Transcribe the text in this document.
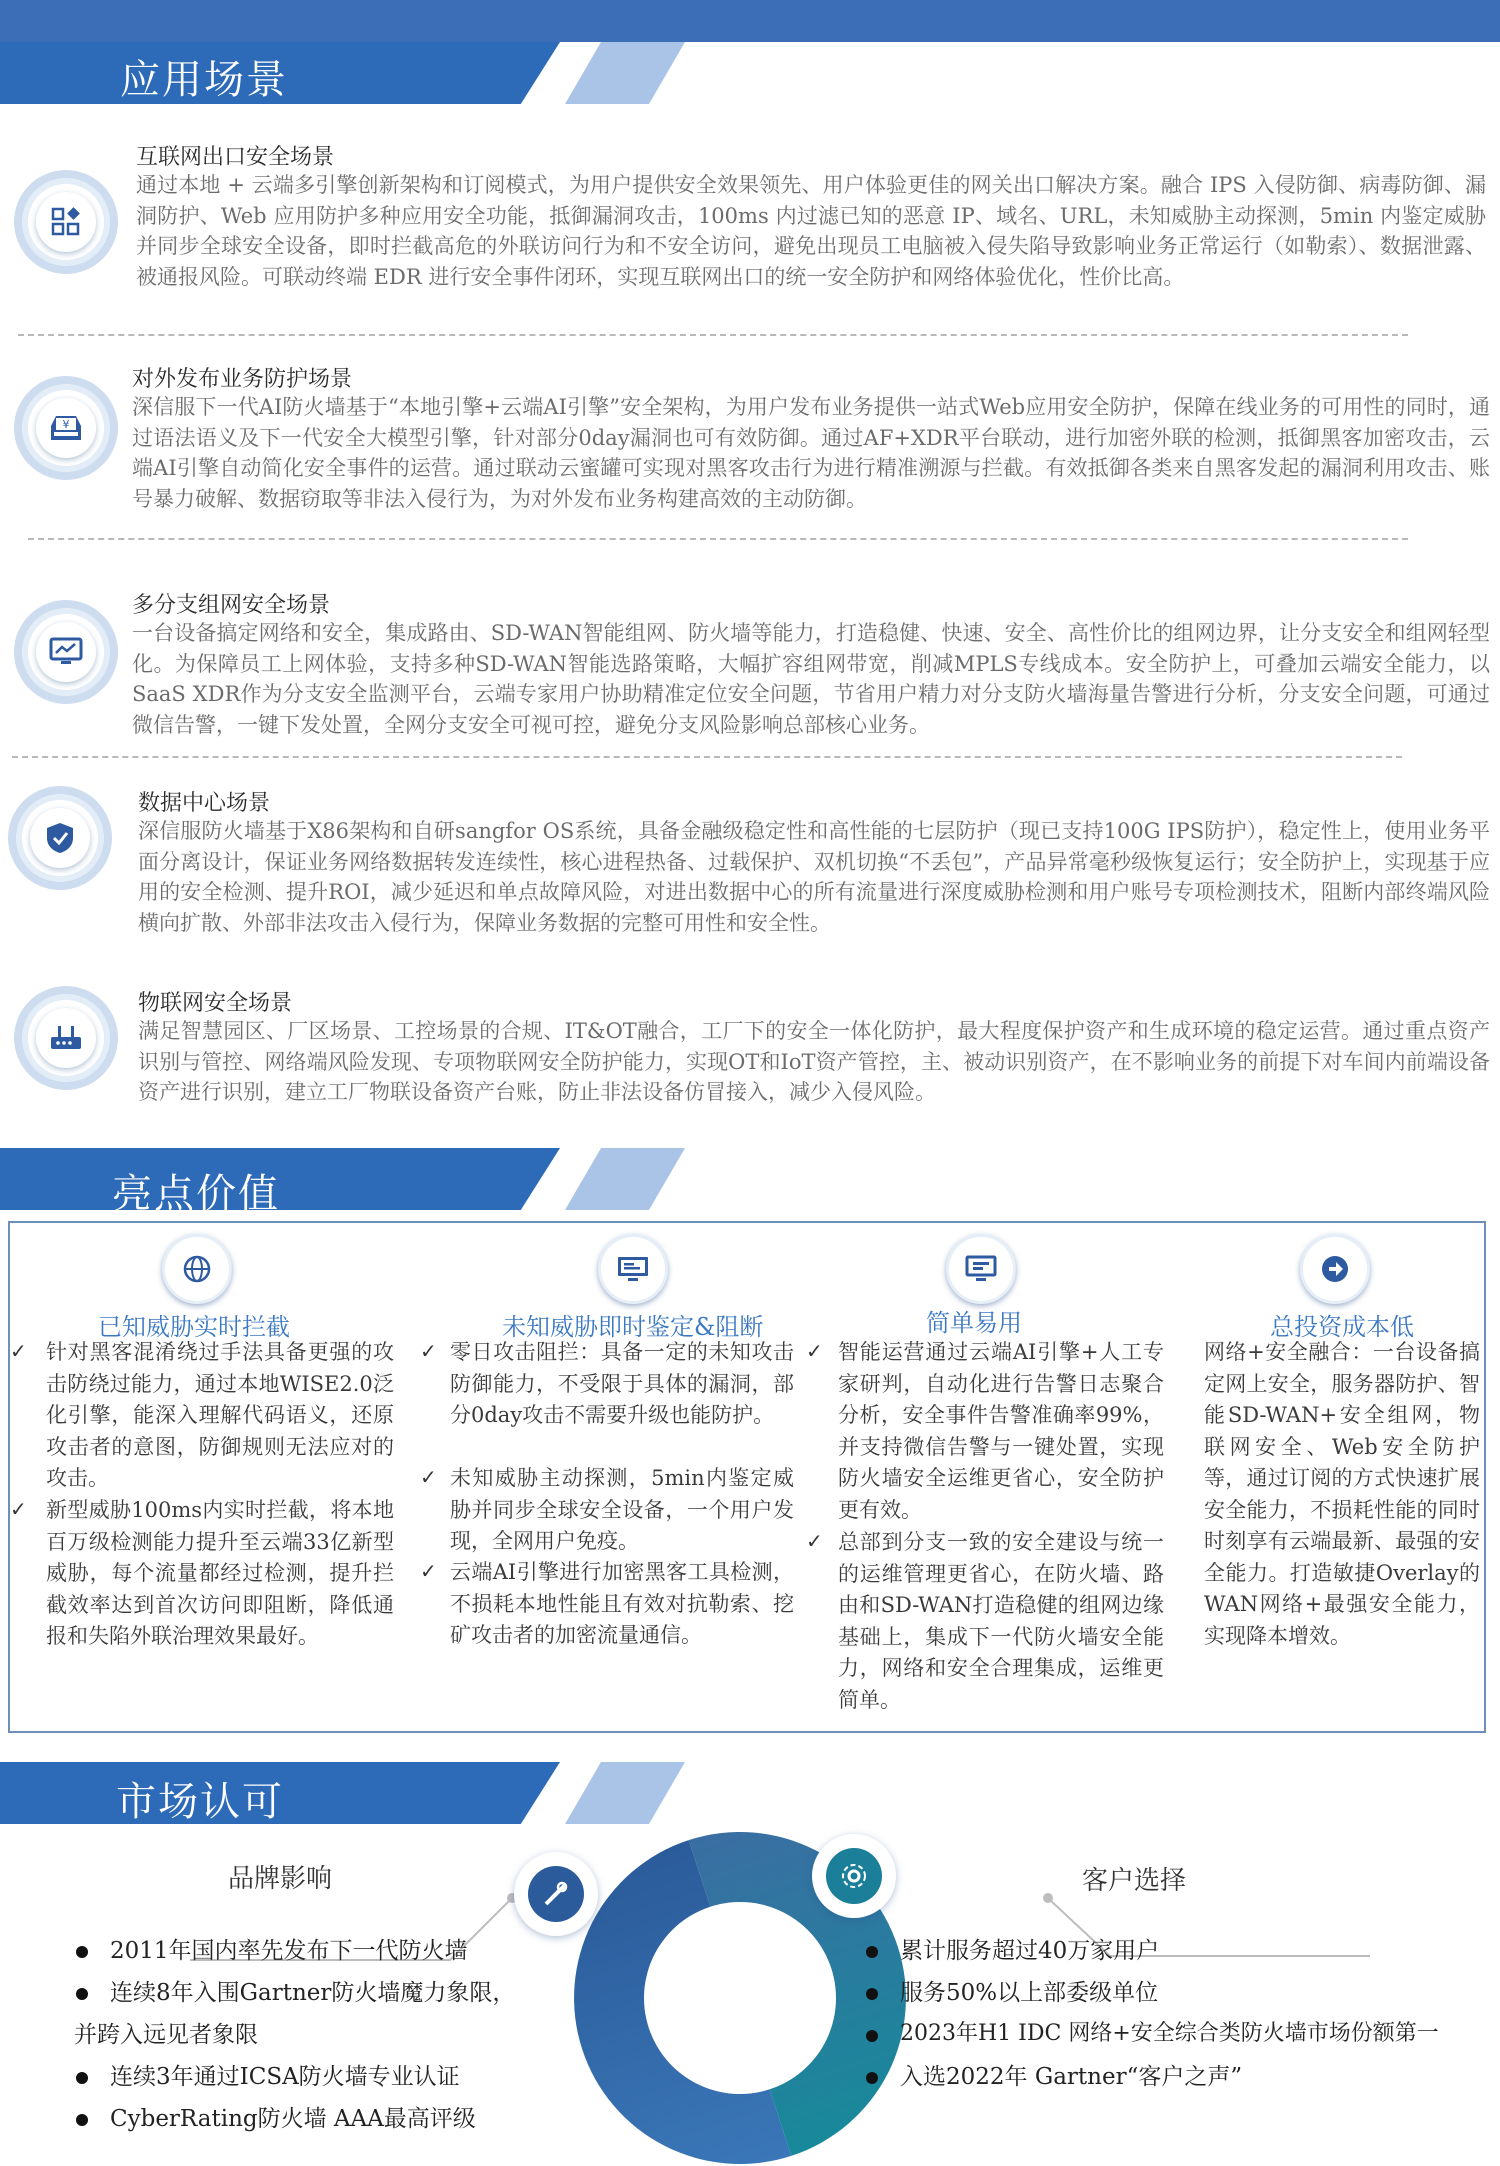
应用场景
互联网出口安全场景
通过本地 + 云端多引擎创新架构和订阅模式，为用户提供安全效果领先、用户体验更佳的网关出口解决方案。融合 IPS 入侵防御、病毒防御、漏洞防护、Web 应用防护多种应用安全功能，抵御漏洞攻击，100ms 内过滤已知的恶意 IP、域名、URL，未知威胁主动探测，5min 内鉴定威胁并同步全球安全设备，即时拦截高危的外联访问行为和不安全访问，避免出现员工电脑被入侵失陷导致影响业务正常运行（如勒索）、数据泄露、被通报风险。可联动终端 EDR 进行安全事件闭环，实现互联网出口的统一安全防护和网络体验优化，性价比高。
¥
对外发布业务防护场景
深信服下一代AI防火墙基于“本地引擎+云端AI引擎”安全架构，为用户发布业务提供一站式Web应用安全防护，保障在线业务的可用性的同时，通过语法语义及下一代安全大模型引擎，针对部分0day漏洞也可有效防御。通过AF+XDR平台联动，进行加密外联的检测，抵御黑客加密攻击，云端AI引擎自动简化安全事件的运营。通过联动云蜜罐可实现对黑客攻击行为进行精准溯源与拦截。有效抵御各类来自黑客发起的漏洞利用攻击、账号暴力破解、数据窃取等非法入侵行为，为对外发布业务构建高效的主动防御。
多分支组网安全场景
一台设备搞定网络和安全，集成路由、SD-WAN智能组网、防火墙等能力，打造稳健、快速、安全、高性价比的组网边界，让分支安全和组网轻型化。为保障员工上网体验，支持多种SD-WAN智能选路策略，大幅扩容组网带宽，削减MPLS专线成本。安全防护上，可叠加云端安全能力，以SaaS XDR作为分支安全监测平台，云端专家用户协助精准定位安全问题，节省用户精力对分支防火墙海量告警进行分析，分支安全问题，可通过微信告警，一键下发处置，全网分支安全可视可控，避免分支风险影响总部核心业务。
数据中心场景
深信服防火墙基于X86架构和自研sangfor OS系统，具备金融级稳定性和高性能的七层防护（现已支持100G IPS防护），稳定性上，使用业务平面分离设计，保证业务网络数据转发连续性，核心进程热备、过载保护、双机切换“不丢包”，产品异常毫秒级恢复运行；安全防护上，实现基于应用的安全检测、提升ROI，减少延迟和单点故障风险，对进出数据中心的所有流量进行深度威胁检测和用户账号专项检测技术，阻断内部终端风险横向扩散、外部非法攻击入侵行为，保障业务数据的完整可用性和安全性。
物联网安全场景
满足智慧园区、厂区场景、工控场景的合规、IT&OT融合，工厂下的安全一体化防护，最大程度保护资产和生成环境的稳定运营。通过重点资产识别与管控、网络端风险发现、专项物联网安全防护能力，实现OT和IoT资产管控，主、被动识别资产，在不影响业务的前提下对车间内前端设备资产进行识别，建立工厂物联设备资产台账，防止非法设备仿冒接入，减少入侵风险。
亮点价值
已知威胁实时拦截
✓ 针对黑客混淆绕过手法具备更强的攻击防绕过能力，通过本地WISE2.0泛化引擎，能深入理解代码语义，还原攻击者的意图，防御规则无法应对的攻击。
✓ 新型威胁100ms内实时拦截，将本地百万级检测能力提升至云端33亿新型威胁，每个流量都经过检测，提升拦截效率达到首次访问即阻断，降低通报和失陷外联治理效果最好。
未知威胁即时鉴定&阻断
✓ 零日攻击阻拦：具备一定的未知攻击防御能力，不受限于具体的漏洞，部分0day攻击不需要升级也能防护。
✓ 未知威胁主动探测，5min内鉴定威胁并同步全球安全设备，一个用户发现，全网用户免疫。
✓ 云端AI引擎进行加密黑客工具检测，不损耗本地性能且有效对抗勒索、挖矿攻击者的加密流量通信。
简单易用
✓ 智能运营通过云端AI引擎+人工专家研判，自动化进行告警日志聚合分析，安全事件告警准确率99%，并支持微信告警与一键处置，实现防火墙安全运维更省心，安全防护更有效。
✓ 总部到分支一致的安全建设与统一的运维管理更省心，在防火墙、路由和SD-WAN打造稳健的组网边缘基础上，集成下一代防火墙安全能力，网络和安全合理集成，运维更简单。
总投资成本低
网络+安全融合：一台设备搞定网上安全，服务器防护、智能SD-WAN+安全组网，物联网安全、Web安全防护等，通过订阅的方式快速扩展安全能力，不损耗性能的同时时刻享有云端最新、最强的安全能力。打造敏捷Overlay的WAN网络+最强安全能力，实现降本增效。
市场认可
品牌影响	客户选择
2011年国内率先发布下一代防火墙
连续8年入围Gartner防火墙魔力象限，
并跨入远见者象限
连续3年通过ICSA防火墙专业认证
CyberRating防火墙 AAA最高评级
累计服务超过40万家用户
服务50%以上部委级单位
2023年H1 IDC 网络+安全综合类防火墙市场份额第一
入选2022年 Gartner“客户之声”
